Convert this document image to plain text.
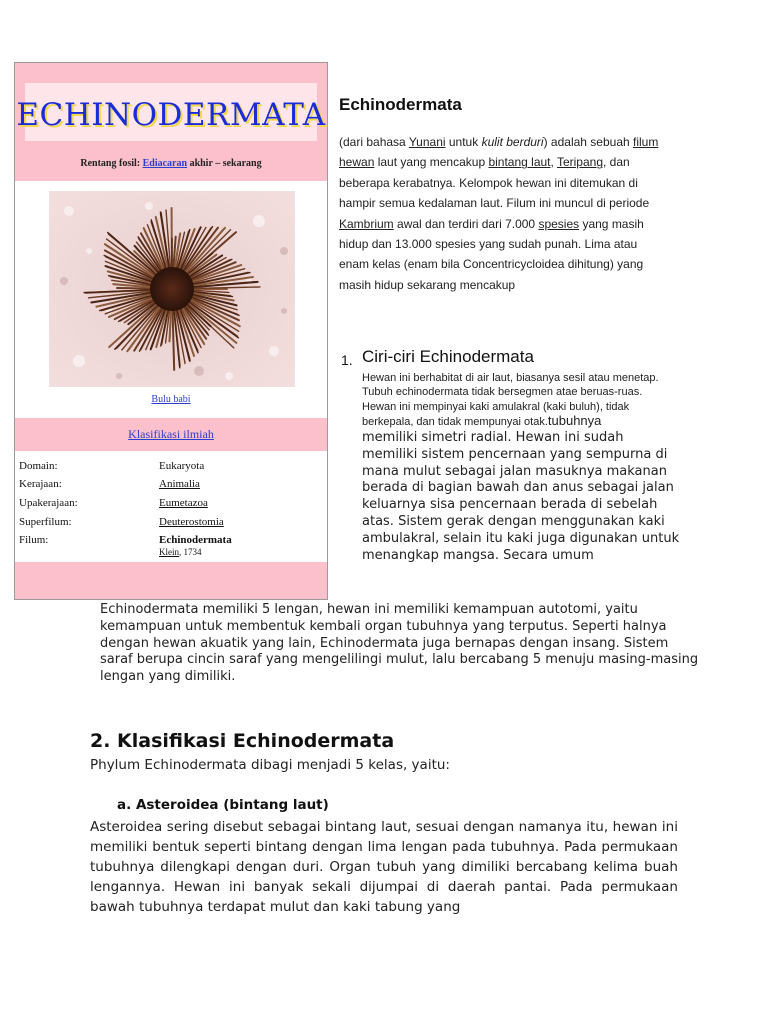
ECHINODERMATA
Rentang fosil: Ediacaran akhir – sekarang
Bulu babi
Klasifikasi ilmiah
Domain:	Eukaryota
Kerajaan:	Animalia
Upakerajaan:	Eumetazoa
Superfilum:	Deuterostomia
Filum:	Echinodermata
Klein, 1734
Echinodermata
(dari bahasa Yunani untuk kulit berduri) adalah sebuah filum hewan laut yang mencakup bintang laut, Teripang, dan beberapa kerabatnya. Kelompok hewan ini ditemukan di hampir semua kedalaman laut. Filum ini muncul di periode Kambrium awal dan terdiri dari 7.000 spesies yang masih hidup dan 13.000 spesies yang sudah punah. Lima atau enam kelas (enam bila Concentricycloidea dihitung) yang masih hidup sekarang mencakup
1. Ciri-ciri Echinodermata
Hewan ini berhabitat di air laut, biasanya sesil atau menetap.
Tubuh echinodermata tidak bersegmen atae beruas-ruas. Hewan ini mempinyai kaki amulakral (kaki buluh), tidak berkepala, dan tidak mempunyai otak.tubuhnya
memiliki simetri radial. Hewan ini sudah memiliki sistem pencernaan yang sempurna di mana mulut sebagai jalan masuknya makanan berada di bagian bawah dan anus sebagai jalan keluarnya sisa pencernaan berada di sebelah atas. Sistem gerak dengan menggunakan kaki ambulakral, selain itu kaki juga digunakan untuk menangkap mangsa. Secara umum
Echinodermata memiliki 5 lengan, hewan ini memiliki kemampuan autotomi, yaitu kemampuan untuk membentuk kembali organ tubuhnya yang terputus. Seperti halnya dengan hewan akuatik yang lain, Echinodermata juga bernapas dengan insang. Sistem saraf berupa cincin saraf yang mengelilingi mulut, lalu bercabang 5 menuju masing-masing lengan yang dimiliki.
2. Klasifikasi Echinodermata
Phylum Echinodermata dibagi menjadi 5 kelas, yaitu:
a. Asteroidea (bintang laut)
Asteroidea sering disebut sebagai bintang laut, sesuai dengan namanya itu, hewan ini memiliki bentuk seperti bintang dengan lima lengan pada tubuhnya. Pada permukaan tubuhnya dilengkapi dengan duri. Organ tubuh yang dimiliki bercabang kelima buah lengannya. Hewan ini banyak sekali dijumpai di daerah pantai. Pada permukaan bawah tubuhnya terdapat mulut dan kaki tabung yang
